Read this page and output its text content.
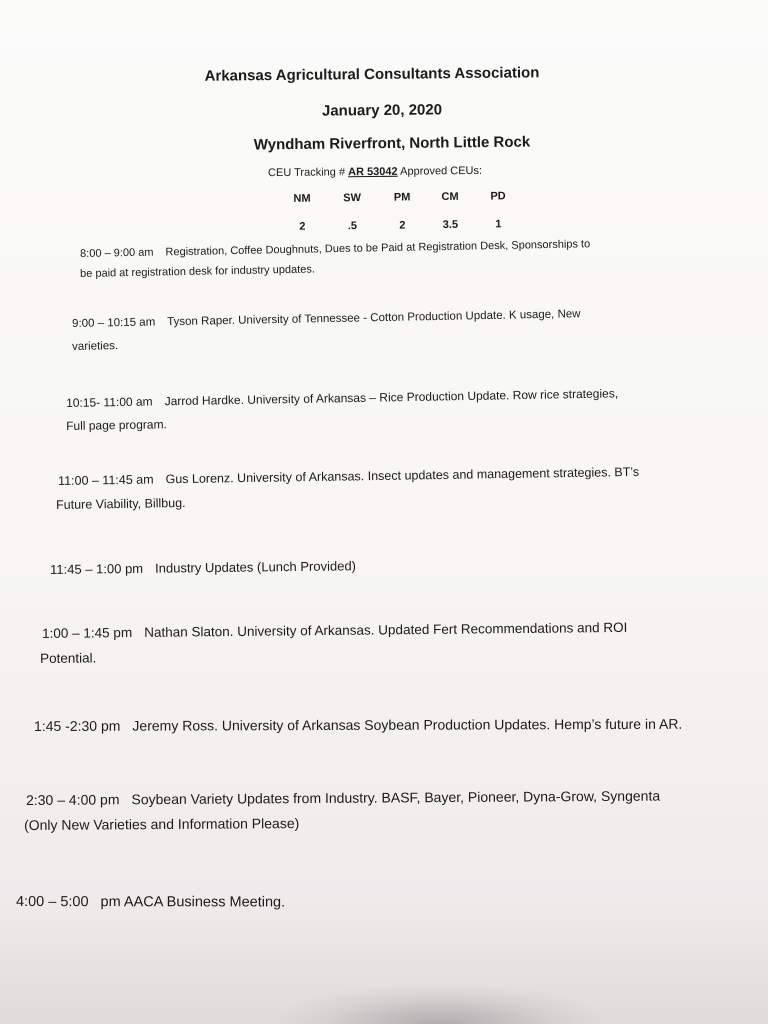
Arkansas Agricultural Consultants Association
January 20, 2020
Wyndham Riverfront, North Little Rock
CEU Tracking # AR 53042 Approved CEUs:
NM	SW	PM	CM	PD
2	.5	2	3.5	1
8:00 – 9:00 am Registration, Coffee Doughnuts, Dues to be Paid at Registration Desk, Sponsorships to
be paid at registration desk for industry updates.
9:00 – 10:15 am Tyson Raper. University of Tennessee - Cotton Production Update. K usage, New
varieties.
10:15- 11:00 am Jarrod Hardke. University of Arkansas – Rice Production Update. Row rice strategies,
Full page program.
11:00 – 11:45 am Gus Lorenz. University of Arkansas. Insect updates and management strategies. BT’s
Future Viability, Billbug.
11:45 – 1:00 pm Industry Updates (Lunch Provided)
1:00 – 1:45 pm Nathan Slaton. University of Arkansas. Updated Fert Recommendations and ROI
Potential.
1:45 -2:30 pm Jeremy Ross. University of Arkansas Soybean Production Updates. Hemp’s future in AR.
2:30 – 4:00 pm Soybean Variety Updates from Industry. BASF, Bayer, Pioneer, Dyna-Grow, Syngenta
(Only New Varieties and Information Please)
4:00 – 5:00 pm AACA Business Meeting.
